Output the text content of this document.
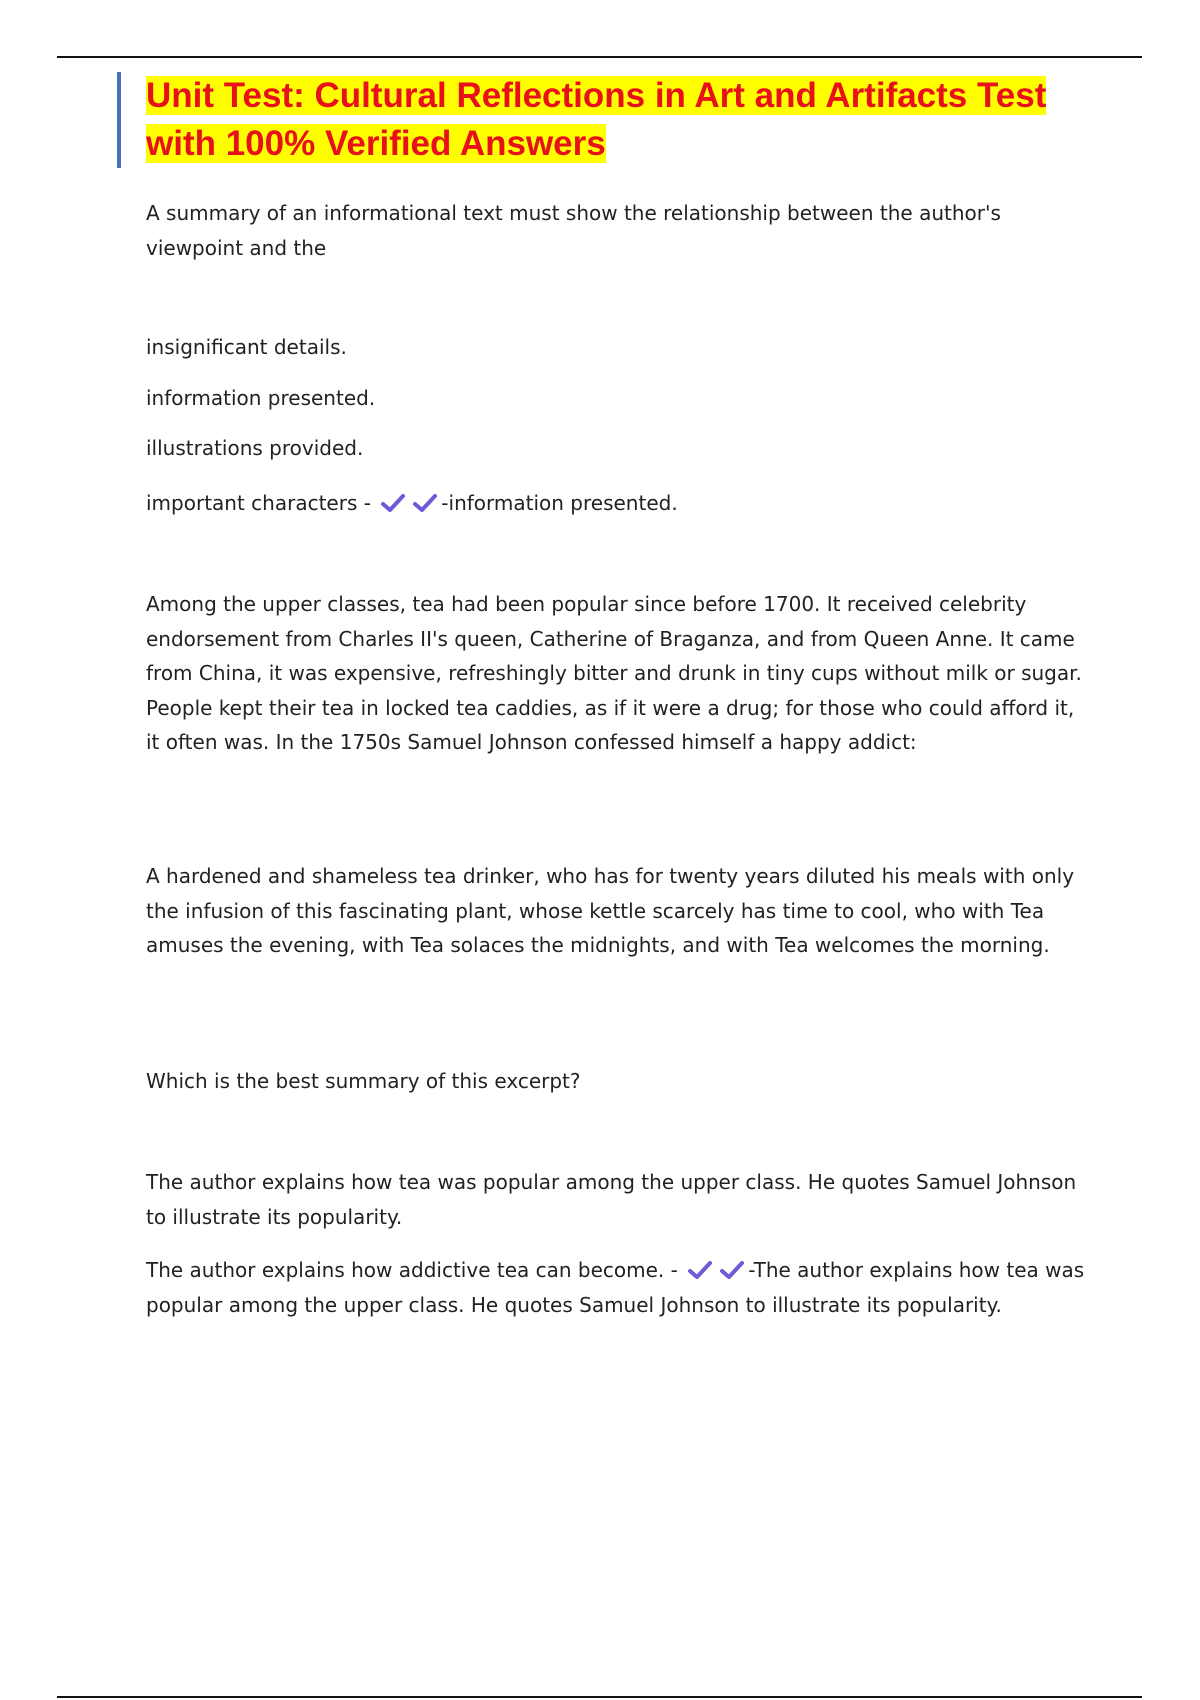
Unit Test: Cultural Reflections in Art and Artifacts Test
with 100% Verified Answers

A summary of an informational text must show the relationship between the author's viewpoint and the

insignificant details.

information presented.

illustrations provided.

important characters -	-information presented.

Among the upper classes, tea had been popular since before 1700. It received celebrity endorsement from Charles II's queen, Catherine of Braganza, and from Queen Anne. It came from China, it was expensive, refreshingly bitter and drunk in tiny cups without milk or sugar. People kept their tea in locked tea caddies, as if it were a drug; for those who could afford it, it often was. In the 1750s Samuel Johnson confessed himself a happy addict:

A hardened and shameless tea drinker, who has for twenty years diluted his meals with only the infusion of this fascinating plant, whose kettle scarcely has time to cool, who with Tea amuses the evening, with Tea solaces the midnights, and with Tea welcomes the morning.

Which is the best summary of this excerpt?

The author explains how tea was popular among the upper class. He quotes Samuel Johnson to illustrate its popularity.

The author explains how addictive tea can become. -	-The author explains how tea was popular among the upper class. He quotes Samuel Johnson to illustrate its popularity.
